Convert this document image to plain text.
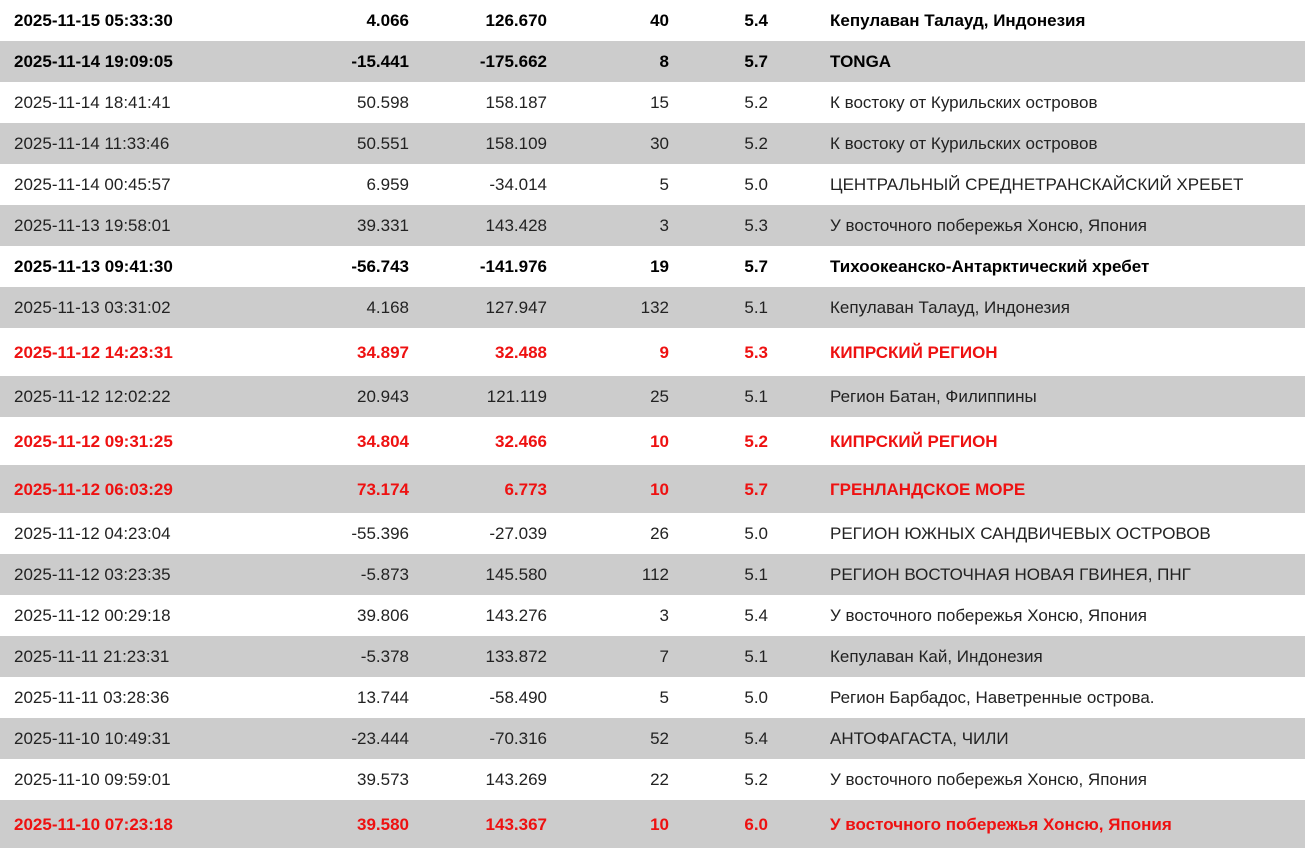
2025-11-15 05:33:30	4.066	126.670	40	5.4	Кепулаван Талауд, Индонезия
2025-11-14 19:09:05	-15.441	-175.662	8	5.7	TONGA
2025-11-14 18:41:41	50.598	158.187	15	5.2	К востоку от Курильских островов
2025-11-14 11:33:46	50.551	158.109	30	5.2	К востоку от Курильских островов
2025-11-14 00:45:57	6.959	-34.014	5	5.0	ЦЕНТРАЛЬНЫЙ СРЕДНЕТРАНСКАЙСКИЙ ХРЕБЕТ
2025-11-13 19:58:01	39.331	143.428	3	5.3	У восточного побережья Хонсю, Япония
2025-11-13 09:41:30	-56.743	-141.976	19	5.7	Тихоокеанско-Антарктический хребет
2025-11-13 03:31:02	4.168	127.947	132	5.1	Кепулаван Талауд, Индонезия
2025-11-12 14:23:31	34.897	32.488	9	5.3	КИПРСКИЙ РЕГИОН
2025-11-12 12:02:22	20.943	121.119	25	5.1	Регион Батан, Филиппины
2025-11-12 09:31:25	34.804	32.466	10	5.2	КИПРСКИЙ РЕГИОН
2025-11-12 06:03:29	73.174	6.773	10	5.7	ГРЕНЛАНДСКОЕ МОРЕ
2025-11-12 04:23:04	-55.396	-27.039	26	5.0	РЕГИОН ЮЖНЫХ САНДВИЧЕВЫХ ОСТРОВОВ
2025-11-12 03:23:35	-5.873	145.580	112	5.1	РЕГИОН ВОСТОЧНАЯ НОВАЯ ГВИНЕЯ, ПНГ
2025-11-12 00:29:18	39.806	143.276	3	5.4	У восточного побережья Хонсю, Япония
2025-11-11 21:23:31	-5.378	133.872	7	5.1	Кепулаван Кай, Индонезия
2025-11-11 03:28:36	13.744	-58.490	5	5.0	Регион Барбадос, Наветренные острова.
2025-11-10 10:49:31	-23.444	-70.316	52	5.4	АНТОФАГАСТА, ЧИЛИ
2025-11-10 09:59:01	39.573	143.269	22	5.2	У восточного побережья Хонсю, Япония
2025-11-10 07:23:18	39.580	143.367	10	6.0	У восточного побережья Хонсю, Япония
